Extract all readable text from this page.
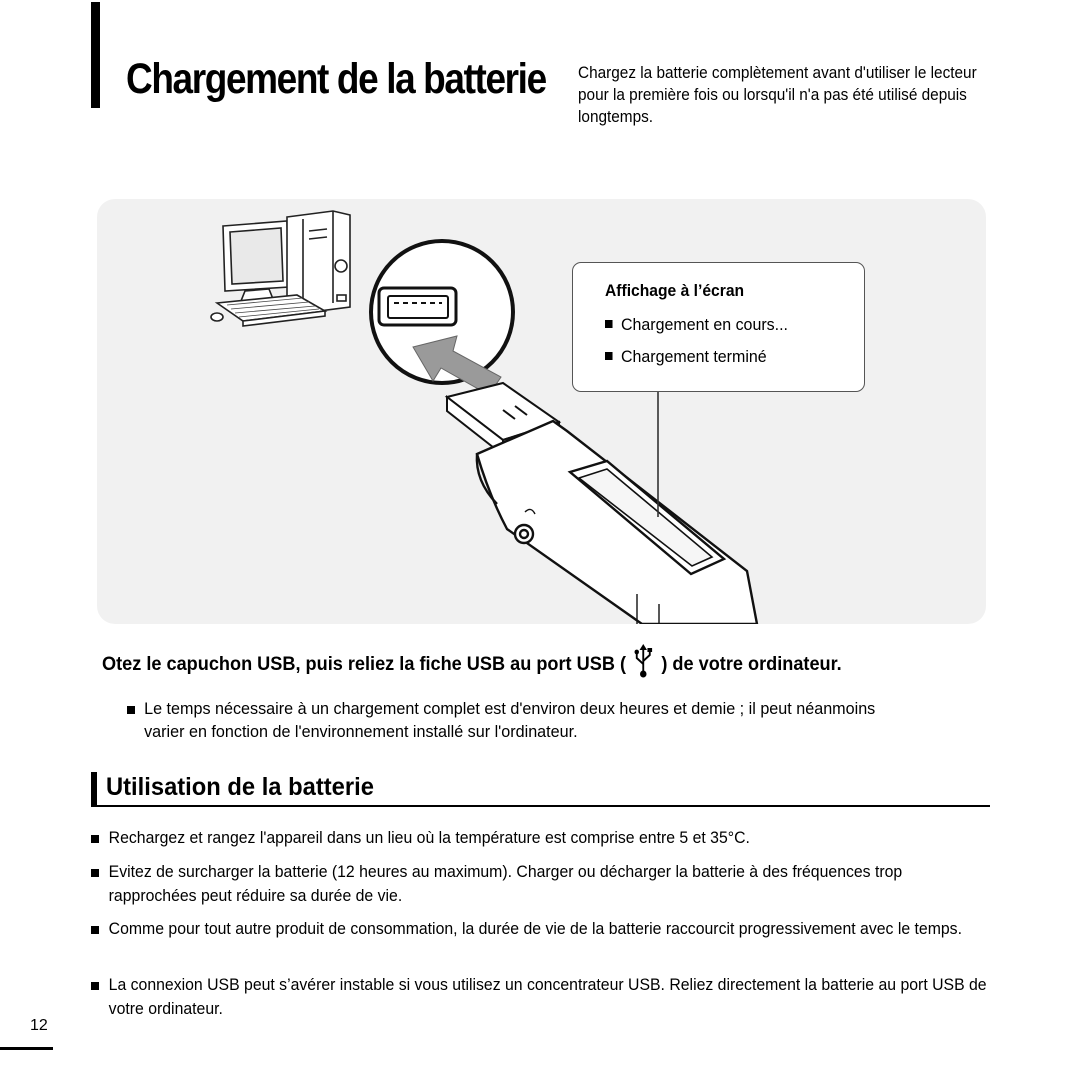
Chargement de la batterie Chargez la batterie complètement avant d'utiliser le lecteur pour la première fois ou lorsqu'il n'a pas été utilisé depuis longtemps.
Affichage à l’écran
Chargement en cours...
Chargement terminé
Otez le capuchon USB, puis reliez la fiche USB au port USB ( ) de votre ordinateur.
Le temps nécessaire à un chargement complet est d'environ deux heures et demie ; il peut néanmoins varier en fonction de l'environnement installé sur l'ordinateur.
Utilisation de la batterie
Rechargez et rangez l'appareil dans un lieu où la température est comprise entre 5 et 35°C.
Evitez de surcharger la batterie (12 heures au maximum). Charger ou décharger la batterie à des fréquences trop rapprochées peut réduire sa durée de vie.
Comme pour tout autre produit de consommation, la durée de vie de la batterie raccourcit progressivement avec le temps.
La connexion USB peut s’avérer instable si vous utilisez un concentrateur USB. Reliez directement la batterie au port USB de votre ordinateur.
12
